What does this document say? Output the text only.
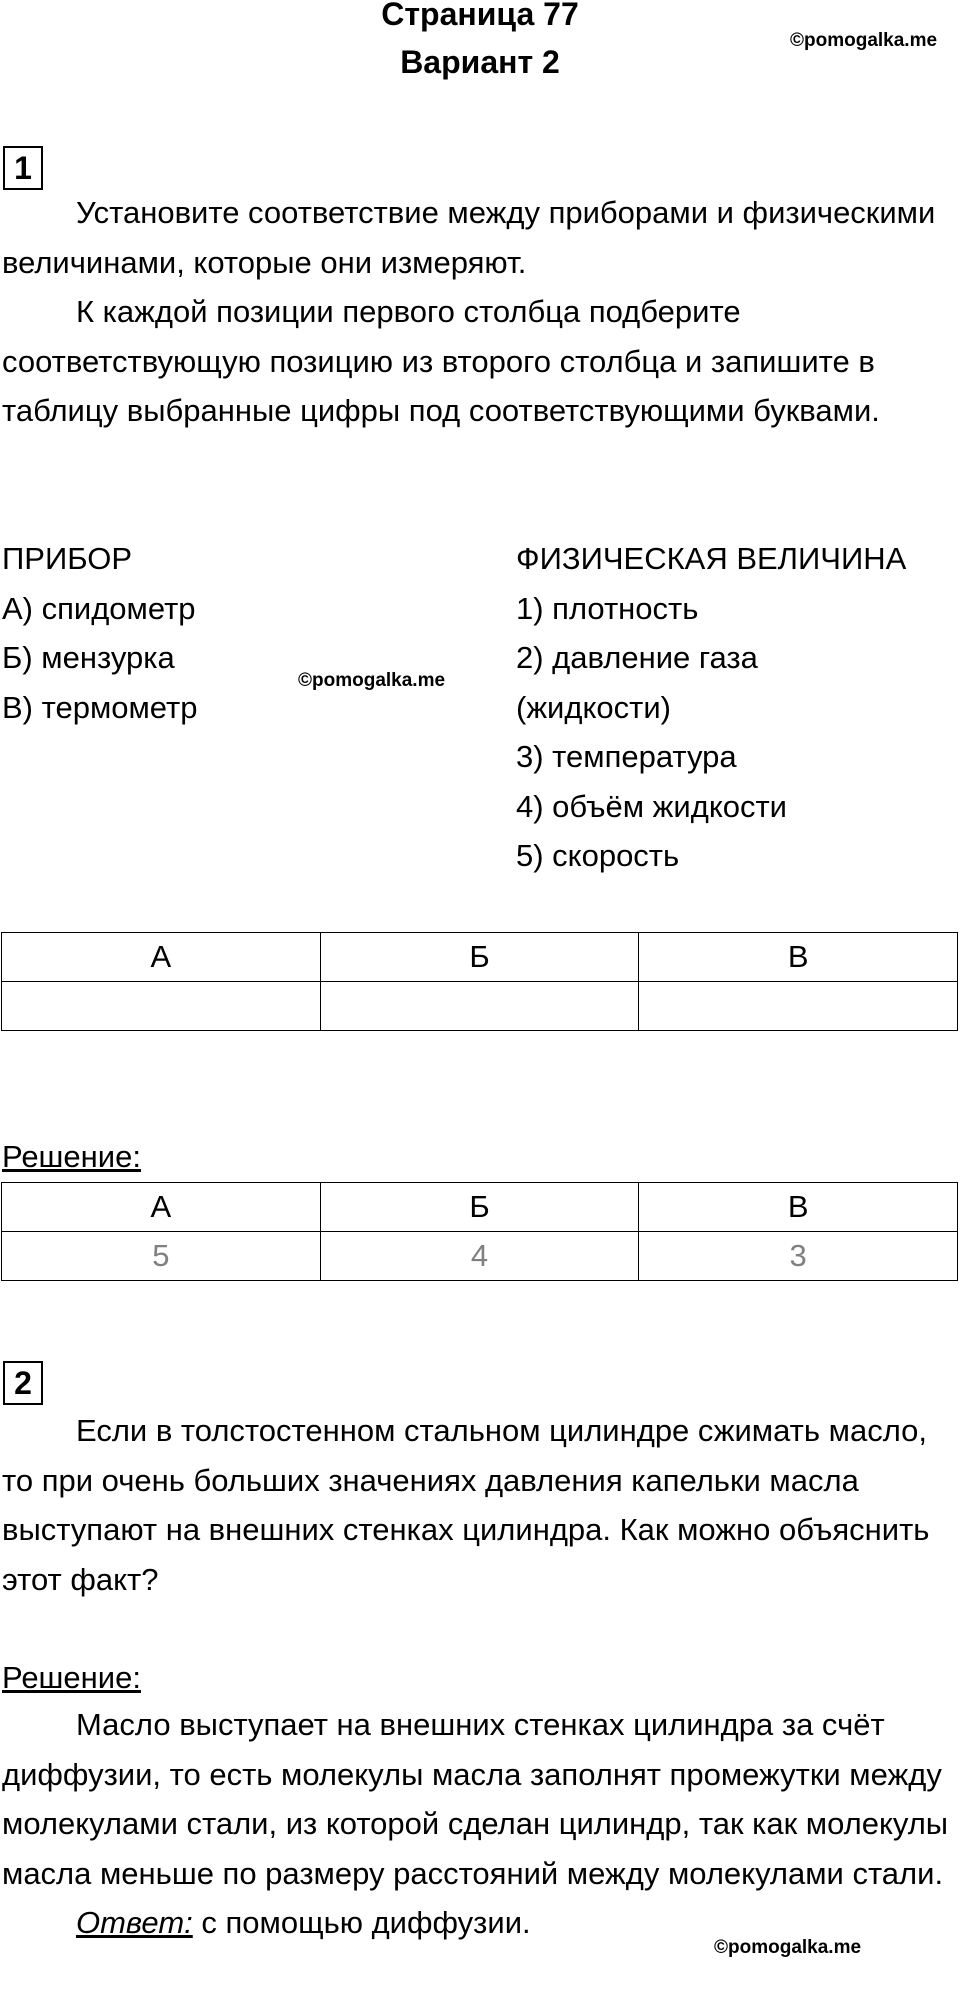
Страница 77
Вариант 2
©pomogalka.me
1

Установите соответствие между приборами и физическими величинами, которые они измеряют.

К каждой позиции первого столбца подберите соответствующую позицию из второго столбца и запишите в таблицу выбранные цифры под соответствующими буквами.

ПРИБОР
А) спидометр
Б) мензурка
В) термометр
ФИЗИЧЕСКАЯ ВЕЛИЧИНА
1) плотность
2) давление газа
(жидкости)
3) температура
4) объём жидкости
5) скорость
©pomogalka.me
А	Б	В

Решение:
А	Б	В
5	4	3
2

Если в толстостенном стальном цилиндре сжимать масло, то при очень больших значениях давления капельки масла выступают на внешних стенках цилиндра. Как можно объяснить этот факт?

Решение:

Масло выступает на внешних стенках цилиндра за счёт диффузии, то есть молекулы масла заполнят промежутки между молекулами стали, из которой сделан цилиндр, так как молекулы масла меньше по размеру расстояний между молекулами стали.

Ответ: с помощью диффузии.

©pomogalka.me
